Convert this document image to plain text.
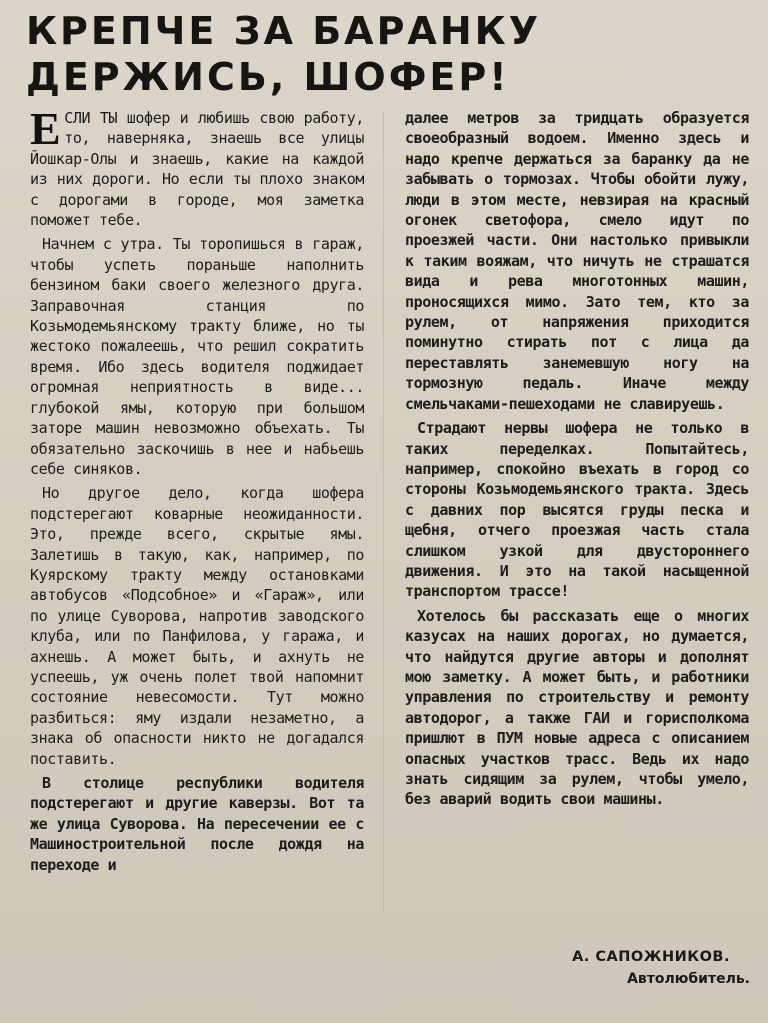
КРЕПЧЕ ЗА БАРАНКУ
ДЕРЖИСЬ, ШОФЕР!

ЕСЛИ ТЫ шофер и любишь свою работу, то, наверняка, знаешь все улицы Йошкар-Олы и знаешь, какие на каждой из них дороги. Но если ты плохо знаком с дорогами в городе, моя заметка поможет тебе.

Начнем с утра. Ты торопишься в гараж, чтобы успеть пораньше наполнить бензином баки своего железного друга. Заправочная станция по Козьмодемьянскому тракту ближе, но ты жестоко пожалеешь, что решил сократить время. Ибо здесь водителя поджидает огромная неприятность в виде... глубокой ямы, которую при большом заторе машин невозможно объехать. Ты обязательно заскочишь в нее и набьешь себе синяков.

Но другое дело, когда шофера подстерегают коварные неожиданности. Это, прежде всего, скрытые ямы. Залетишь в такую, как, например, по Куярскому тракту между остановками автобусов «Подсобное» и «Гараж», или по улице Суворова, напротив заводского клуба, или по Панфилова, у гаража, и ахнешь. А может быть, и ахнуть не успеешь, уж очень полет твой напомнит состояние невесомости. Тут можно разбиться: яму издали незаметно, а знака об опасности никто не догадался поставить.

В столице республики водителя подстерегают и другие каверзы. Вот та же улица Суворова. На пересечении ее с Машиностроительной после дождя на переходе и

далее метров за тридцать образуется своеобразный водоем. Именно здесь и надо крепче держаться за баранку да не забывать о тормозах. Чтобы обойти лужу, люди в этом месте, невзирая на красный огонек светофора, смело идут по проезжей части. Они настолько привыкли к таким вояжам, что ничуть не страшатся вида и рева многотонных машин, проносящихся мимо. Зато тем, кто за рулем, от напряжения приходится поминутно стирать пот с лица да переставлять занемевшую ногу на тормозную педаль. Иначе между смельчаками-пешеходами не славируешь.

Страдают нервы шофера не только в таких переделках. Попытайтесь, например, спокойно въехать в город со стороны Козьмодемьянского тракта. Здесь с давних пор высятся груды песка и щебня, отчего проезжая часть стала слишком узкой для двустороннего движения. И это на такой насыщенной транспортом трассе!

Хотелось бы рассказать еще о многих казусах на наших дорогах, но думается, что найдутся другие авторы и дополнят мою заметку. А может быть, и работники управления по строительству и ремонту автодорог, а также ГАИ и горисполкома пришлют в ПУМ новые адреса с описанием опасных участков трасс. Ведь их надо знать сидящим за рулем, чтобы умело, без аварий водить свои машины.

А. САПОЖНИКОВ.
Автолюбитель.
